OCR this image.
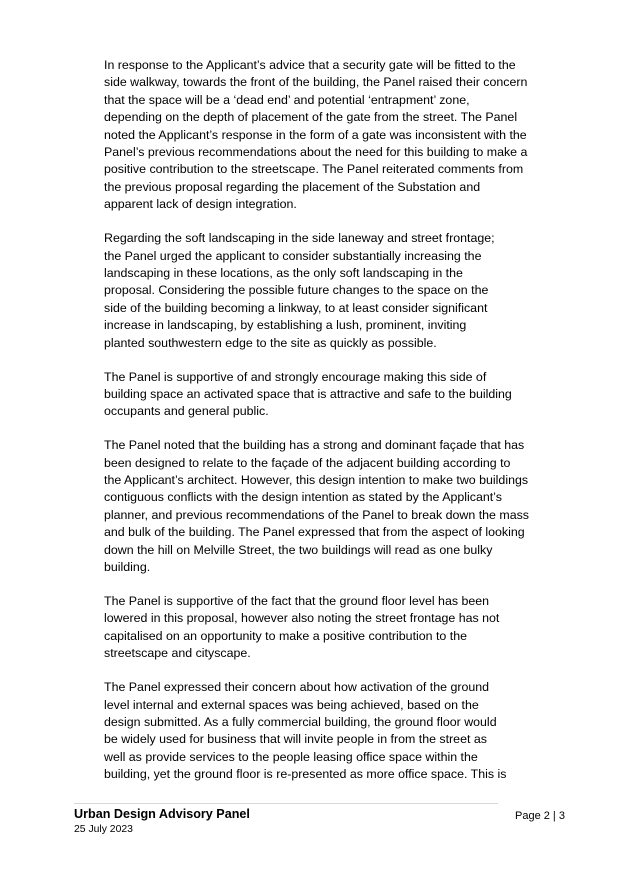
In response to the Applicant’s advice that a security gate will be fitted to the
side walkway, towards the front of the building, the Panel raised their concern
that the space will be a ‘dead end’ and potential ‘entrapment’ zone,
depending on the depth of placement of the gate from the street. The Panel
noted the Applicant’s response in the form of a gate was inconsistent with the
Panel’s previous recommendations about the need for this building to make a
positive contribution to the streetscape. The Panel reiterated comments from
the previous proposal regarding the placement of the Substation and
apparent lack of design integration.

Regarding the soft landscaping in the side laneway and street frontage;
the Panel urged the applicant to consider substantially increasing the
landscaping in these locations, as the only soft landscaping in the
proposal. Considering the possible future changes to the space on the
side of the building becoming a linkway, to at least consider significant
increase in landscaping, by establishing a lush, prominent, inviting
planted southwestern edge to the site as quickly as possible.

The Panel is supportive of and strongly encourage making this side of
building space an activated space that is attractive and safe to the building
occupants and general public.

The Panel noted that the building has a strong and dominant façade that has
been designed to relate to the façade of the adjacent building according to
the Applicant’s architect. However, this design intention to make two buildings
contiguous conflicts with the design intention as stated by the Applicant’s
planner, and previous recommendations of the Panel to break down the mass
and bulk of the building. The Panel expressed that from the aspect of looking
down the hill on Melville Street, the two buildings will read as one bulky
building.

The Panel is supportive of the fact that the ground floor level has been
lowered in this proposal, however also noting the street frontage has not
capitalised on an opportunity to make a positive contribution to the
streetscape and cityscape.

The Panel expressed their concern about how activation of the ground
level internal and external spaces was being achieved, based on the
design submitted. As a fully commercial building, the ground floor would
be widely used for business that will invite people in from the street as
well as provide services to the people leasing office space within the
building, yet the ground floor is re-presented as more office space. This is

Urban Design Advisory Panel
25 July 2023
Page 2 | 3
